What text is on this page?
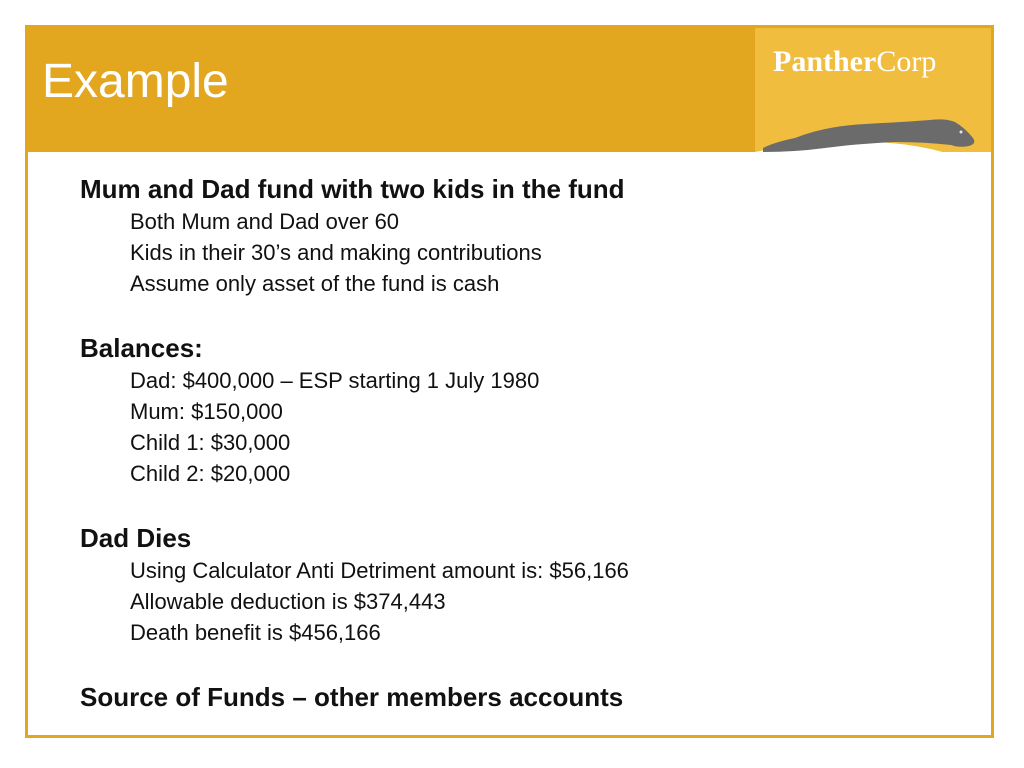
Example	PantherCorp

Mum and Dad fund with two kids in the fund

Both Mum and Dad over 60

Kids in their 30’s and making contributions

Assume only asset of the fund is cash

Balances:

Dad: $400,000 – ESP starting 1 July 1980

Mum: $150,000

Child 1: $30,000

Child 2: $20,000

Dad Dies

Using Calculator Anti Detriment amount is: $56,166

Allowable deduction is $374,443

Death benefit is $456,166

Source of Funds – other members accounts
